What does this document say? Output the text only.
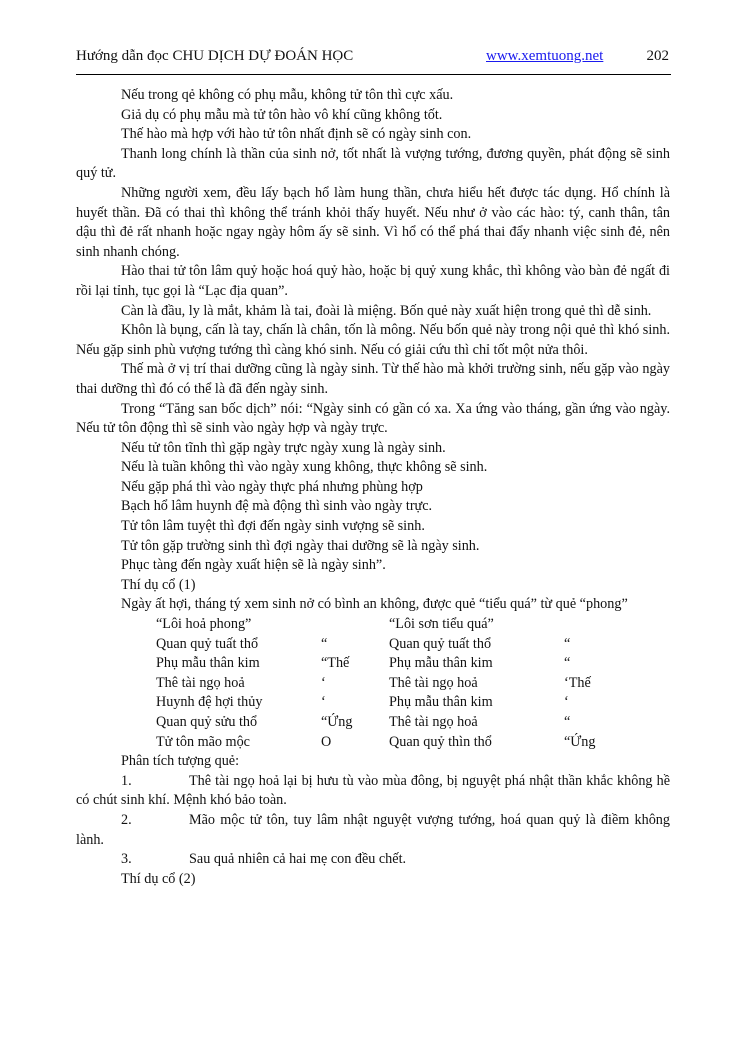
Hướng dẫn đọc CHU DỊCH DỰ ĐOÁN HỌC	www.xemtuong.net	202

Nếu trong qẻ không có phụ mẫu, không tử tôn thì cực xấu.

Giả dụ có phụ mẫu mà tử tôn hào vô khí cũng không tốt.

Thế hào mà hợp với hào tử tôn nhất định sẽ có ngày sinh con.

Thanh long chính là thần của sinh nở, tốt nhất là vượng tướng, đương quyền, phát động sẽ sinh quý tử.

Những người xem, đều lấy bạch hổ làm hung thần, chưa hiểu hết được tác dụng. Hổ chính là huyết thần. Đã có thai thì không thể tránh khỏi thấy huyết. Nếu như ở vào các hào: tý, canh thân, tân dậu thì đẻ rất nhanh hoặc ngay ngày hôm ấy sẽ sinh. Vì hổ có thể phá thai đẩy nhanh việc sinh đẻ, nên sinh nhanh chóng.

Hào thai tử tôn lâm quỷ hoặc hoá quỷ hào, hoặc bị quỷ xung khắc, thì không vào bàn đẻ ngất đi rồi lại tỉnh, tục gọi là “Lạc địa quan”.

Càn là đầu, ly là mắt, khảm là tai, đoài là miệng. Bốn quẻ này xuất hiện trong quẻ thì dễ sinh.

Khôn là bụng, cấn là tay, chấn là chân, tốn là mông. Nếu bốn quẻ này trong nội quẻ thì khó sinh. Nếu gặp sinh phù vượng tướng thì càng khó sinh. Nếu có giải cứu thì chỉ tốt một nửa thôi.

Thế mà ở vị trí thai dưỡng cũng là ngày sinh. Từ thế hào mà khởi trường sinh, nếu gặp vào ngày thai dưỡng thì đó có thể là đã đến ngày sinh.

Trong “Tăng san bốc dịch” nói: “Ngày sinh có gần có xa. Xa ứng vào tháng, gần ứng vào ngày. Nếu tử tôn động thì sẽ sinh vào ngày hợp và ngày trực.

Nếu tử tôn tĩnh thì gặp ngày trực ngày xung là ngày sinh.

Nếu là tuần không thì vào ngày xung không, thực không sẽ sinh.

Nếu gặp phá thì vào ngày thực phá nhưng phùng hợp

Bạch hổ lâm huynh đệ mà động thì sinh vào ngày trực.

Tử tôn lâm tuyệt thì đợi đến ngày sinh vượng sẽ sinh.

Tử tôn gặp trường sinh thì đợi ngày thai dưỡng sẽ là ngày sinh.

Phục tàng đến ngày xuất hiện sẽ là ngày sinh”.

Thí dụ cổ (1)

Ngày ất hợi, tháng tý xem sinh nở có bình an không, được quẻ “tiểu quá” từ quẻ “phong”

“Lôi hoả phong”		“Lôi sơn tiểu quá”	
Quan quỷ tuất thổ	“	Quan quỷ tuất thổ	“
Phụ mẫu thân kim	“Thế	Phụ mẫu thân kim	“
Thê tài ngọ hoả	‘	Thê tài ngọ hoả	‘Thế
Huynh đệ hợi thủy	‘	Phụ mẫu thân kim	‘
Quan quỷ sửu thổ	“Ứng	Thê tài ngọ hoả	“
Tử tôn mão mộc	O	Quan quỷ thìn thổ	“Ứng

Phân tích tượng quẻ:

1.	Thê tài ngọ hoả lại bị hưu tù vào mùa đông, bị nguyệt phá nhật thần khắc không hề có chút sinh khí. Mệnh khó bảo toàn.

2.	Mão mộc tử tôn, tuy lâm nhật nguyệt vượng tướng, hoá quan quỷ là điềm không lành.

3.	Sau quả nhiên cả hai mẹ con đều chết.

Thí dụ cổ (2)
